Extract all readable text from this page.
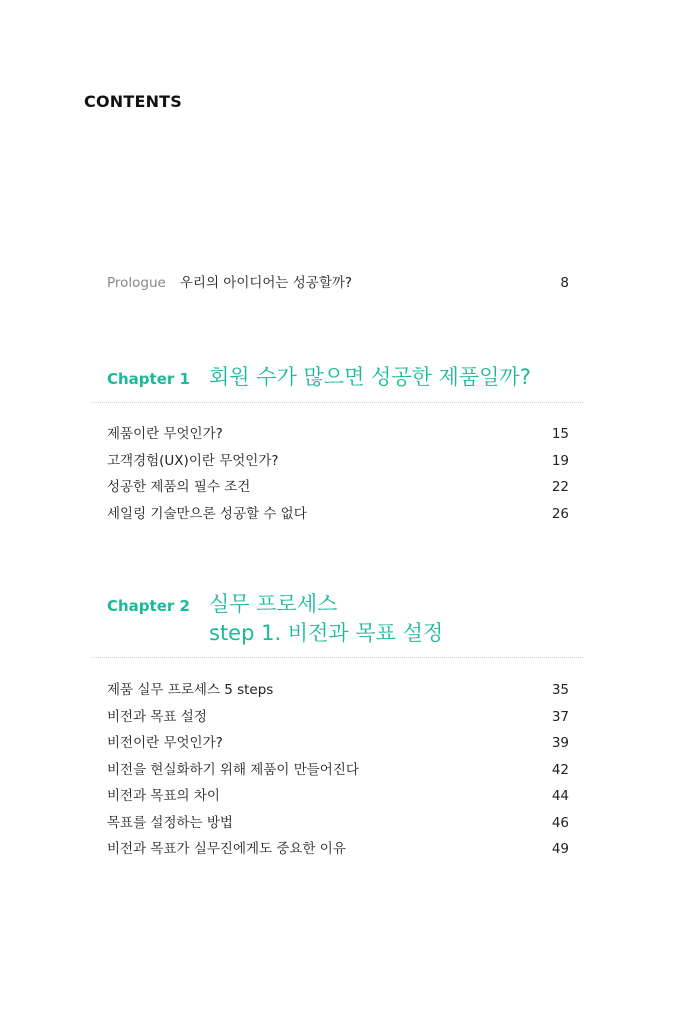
CONTENTS
Prologue 우리의 아이디어는 성공할까?	8
Chapter 1 회원 수가 많으면 성공한 제품일까?
제품이란 무엇인가?	15
고객경험(UX)이란 무엇인가?	19
성공한 제품의 필수 조건	22
세일링 기술만으론 성공할 수 없다	26
Chapter 2 실무 프로세스
step 1. 비전과 목표 설정
제품 실무 프로세스 5 steps	35
비전과 목표 설정	37
비전이란 무엇인가?	39
비전을 현실화하기 위해 제품이 만들어진다	42
비전과 목표의 차이	44
목표를 설정하는 방법	46
비전과 목표가 실무진에게도 중요한 이유	49
